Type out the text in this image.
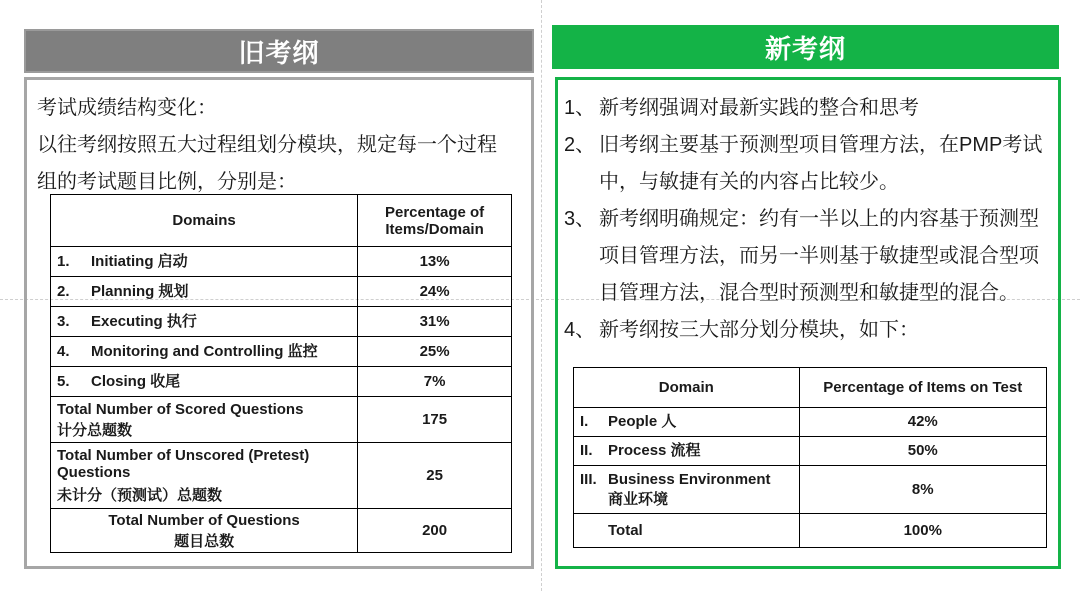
旧考纲	新考纲

考试成绩结构变化：

以往考纲按照五大过程组划分模块，规定每一个过程

组的考试题目比例，分别是：

Domains	Percentage of Items/Domain
1. Initiating 启动	13%
2. Planning 规划	24%
3. Executing 执行	31%
4. Monitoring and Controlling 监控	25%
5. Closing 收尾	7%

Total Number of Scored Questions
计分总题数	175

Total Number of Unscored (Pretest) Questions
未计分（预测试）总题数	25

Total Number of Questions
题目总数	200

1、 新考纲强调对最新实践的整合和思考

2、 旧考纲主要基于预测型项目管理方法，在PMP考试中，与敏捷有关的内容占比较少。

3、 新考纲明确规定：约有一半以上的内容基于预测型项目管理方法，而另一半则基于敏捷型或混合型项目管理方法，混合型时预测型和敏捷型的混合。

4、 新考纲按三大部分划分模块，如下：

Domain	Percentage of Items on Test
I. People 人	42%
II. Process 流程	50%

III. Business Environment
商业环境	8%
Total	100%
